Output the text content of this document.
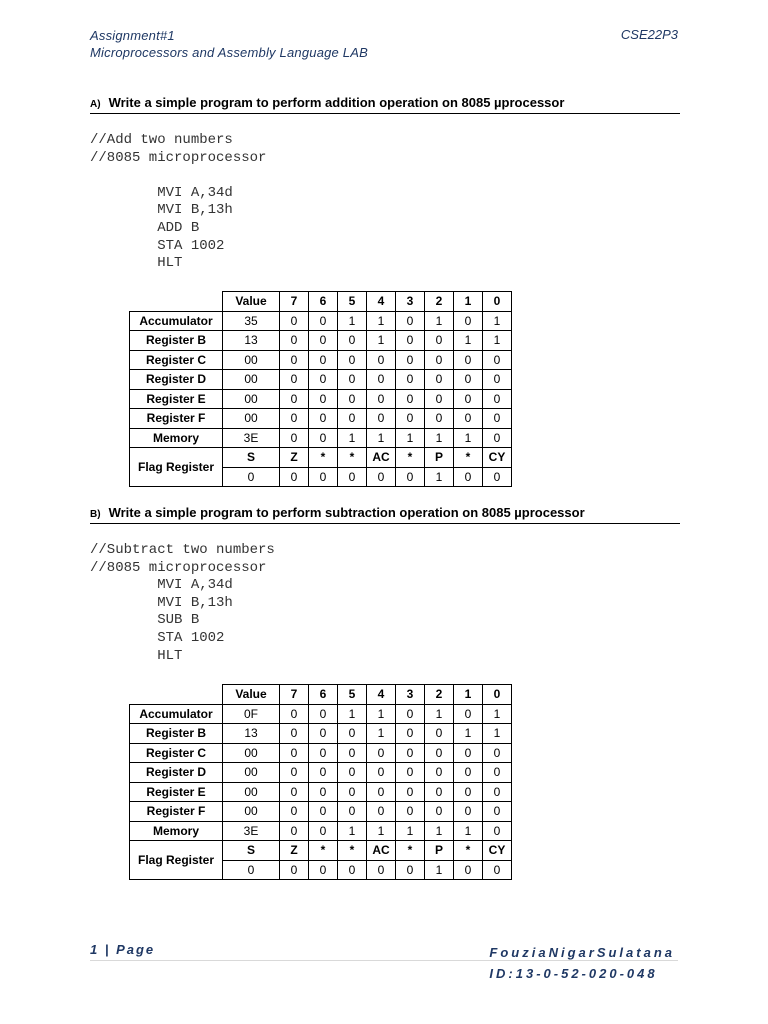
Assignment#1
Microprocessors and Assembly Language LAB
CSE22P3
A) Write a simple program to perform addition operation on 8085 µprocessor
//Add two numbers
//8085 microprocessor

MVI A,34d
MVI B,13h
ADD B
STA 1002
HLT
	Value	7	6	5	4	3	2	1	0
Accumulator	35	0	0	1	1	0	1	0	1
Register B	13	0	0	0	1	0	0	1	1
Register C	00	0	0	0	0	0	0	0	0
Register D	00	0	0	0	0	0	0	0	0
Register E	00	0	0	0	0	0	0	0	0
Register F	00	0	0	0	0	0	0	0	0
Memory	3E	0	0	1	1	1	1	1	0
Flag Register	S	Z	*	*	AC	*	P	*	CY
	0	0	0	0	0	0	1	0	0
B) Write a simple program to perform subtraction operation on 8085 µprocessor
//Subtract two numbers
//8085 microprocessor
MVI A,34d
MVI B,13h
SUB B
STA 1002
HLT
	Value	7	6	5	4	3	2	1	0
Accumulator	0F	0	0	1	1	0	1	0	1
Register B	13	0	0	0	1	0	0	1	1
Register C	00	0	0	0	0	0	0	0	0
Register D	00	0	0	0	0	0	0	0	0
Register E	00	0	0	0	0	0	0	0	0
Register F	00	0	0	0	0	0	0	0	0
Memory	3E	0	0	1	1	1	1	1	0
Flag Register	S	Z	*	*	AC	*	P	*	CY
	0	0	0	0	0	0	1	0	0
1 | Page	FouziaNigarSulatana
ID:13-0-52-020-048
